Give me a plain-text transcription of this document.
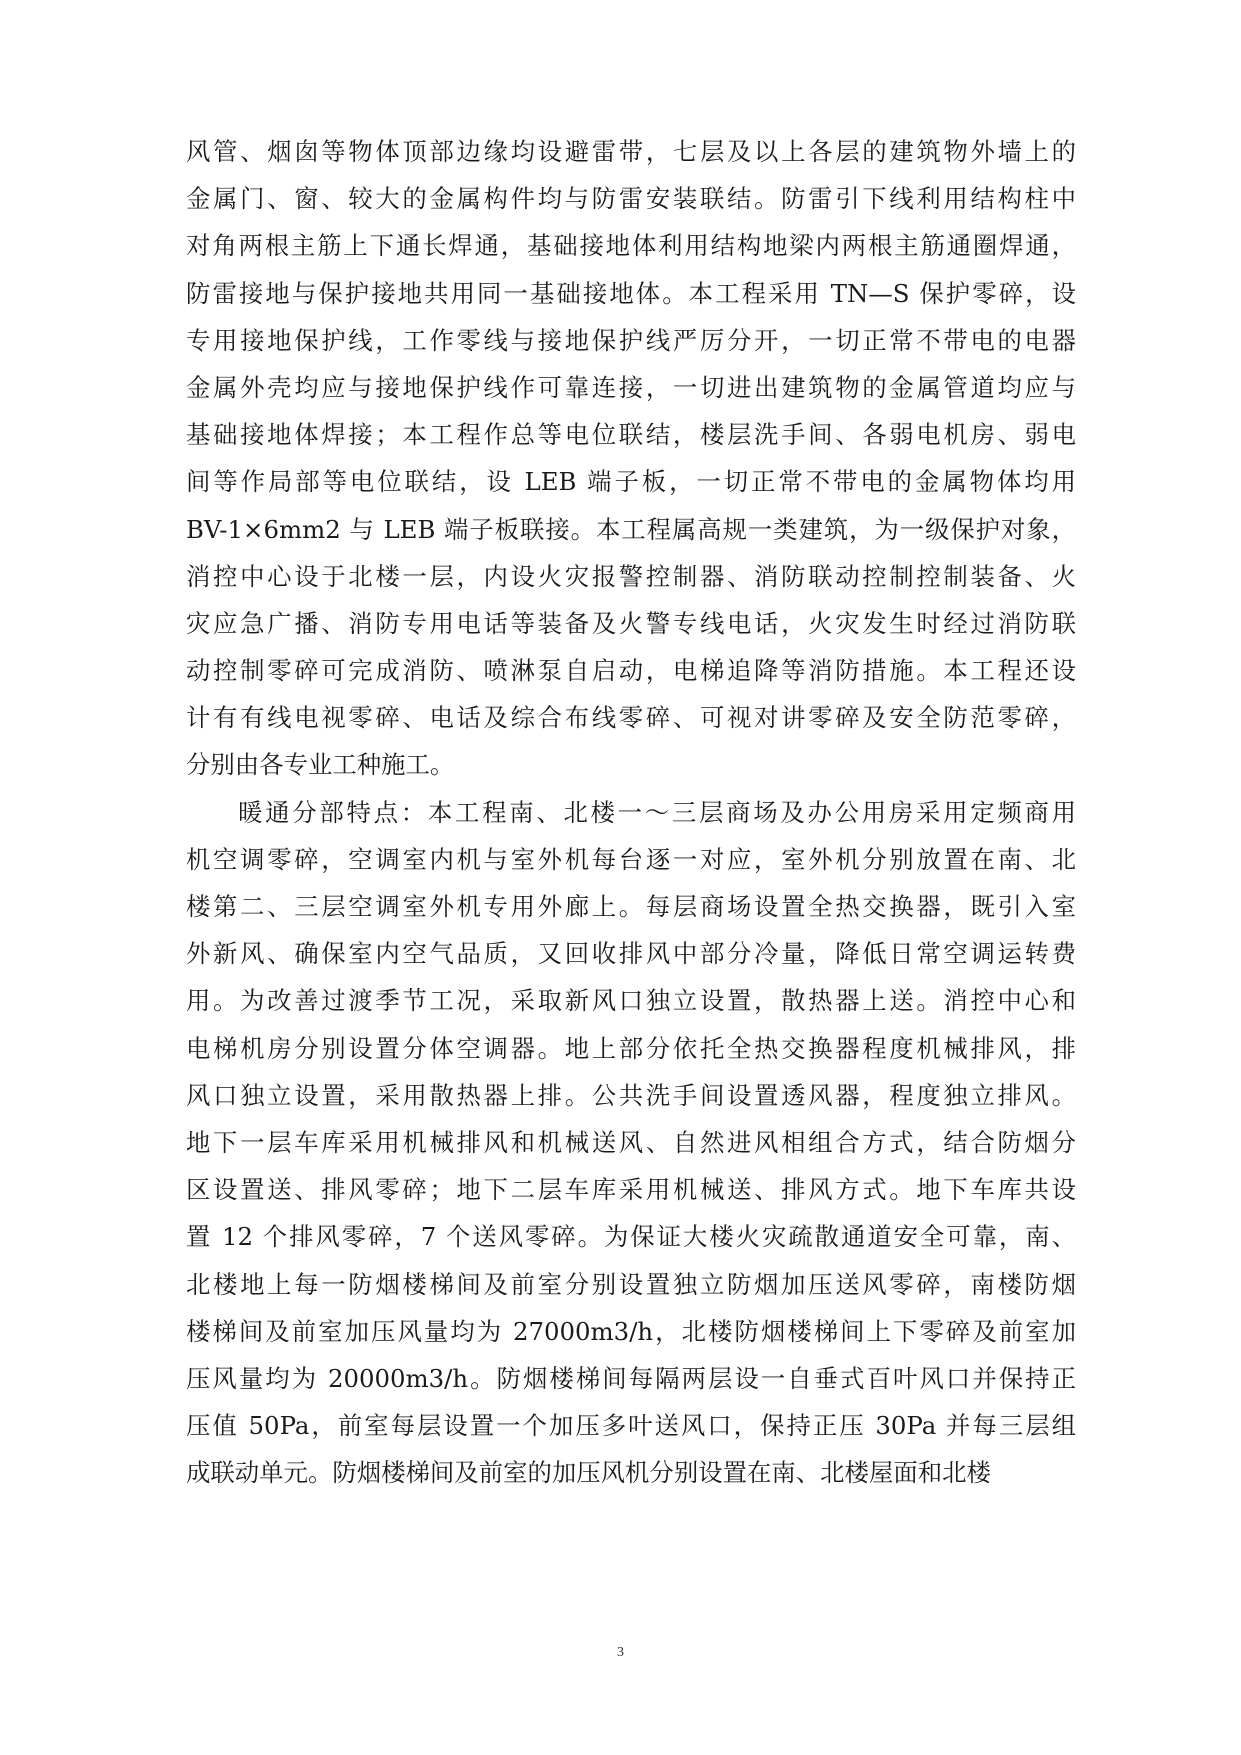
风管、烟囱等物体顶部边缘均设避雷带，七层及以上各层的建筑物外墙上的
金属门、窗、较大的金属构件均与防雷安装联结。防雷引下线利用结构柱中
对角两根主筋上下通长焊通，基础接地体利用结构地梁内两根主筋通圈焊通，
防雷接地与保护接地共用同一基础接地体。本工程采用 TN—S 保护零碎，设
专用接地保护线，工作零线与接地保护线严厉分开，一切正常不带电的电器
金属外壳均应与接地保护线作可靠连接，一切进出建筑物的金属管道均应与
基础接地体焊接；本工程作总等电位联结，楼层洗手间、各弱电机房、弱电
间等作局部等电位联结，设 LEB 端子板，一切正常不带电的金属物体均用
BV-1×6mm2 与 LEB 端子板联接。本工程属高规一类建筑，为一级保护对象，
消控中心设于北楼一层，内设火灾报警控制器、消防联动控制控制装备、火
灾应急广播、消防专用电话等装备及火警专线电话，火灾发生时经过消防联
动控制零碎可完成消防、喷淋泵自启动，电梯追降等消防措施。本工程还设
计有有线电视零碎、电话及综合布线零碎、可视对讲零碎及安全防范零碎，
分别由各专业工种施工。
暖通分部特点：本工程南、北楼一～三层商场及办公用房采用定频商用
机空调零碎，空调室内机与室外机每台逐一对应，室外机分别放置在南、北
楼第二、三层空调室外机专用外廊上。每层商场设置全热交换器，既引入室
外新风、确保室内空气品质，又回收排风中部分冷量，降低日常空调运转费
用。为改善过渡季节工况，采取新风口独立设置，散热器上送。消控中心和
电梯机房分别设置分体空调器。地上部分依托全热交换器程度机械排风，排
风口独立设置，采用散热器上排。公共洗手间设置透风器，程度独立排风。
地下一层车库采用机械排风和机械送风、自然进风相组合方式，结合防烟分
区设置送、排风零碎；地下二层车库采用机械送、排风方式。地下车库共设
置 12 个排风零碎，7 个送风零碎。为保证大楼火灾疏散通道安全可靠，南、
北楼地上每一防烟楼梯间及前室分别设置独立防烟加压送风零碎，南楼防烟
楼梯间及前室加压风量均为 27000m3/h，北楼防烟楼梯间上下零碎及前室加
压风量均为 20000m3/h。防烟楼梯间每隔两层设一自垂式百叶风口并保持正
压值 50Pa，前室每层设置一个加压多叶送风口，保持正压 30Pa 并每三层组
成联动单元。防烟楼梯间及前室的加压风机分别设置在南、北楼屋面和北楼
3
